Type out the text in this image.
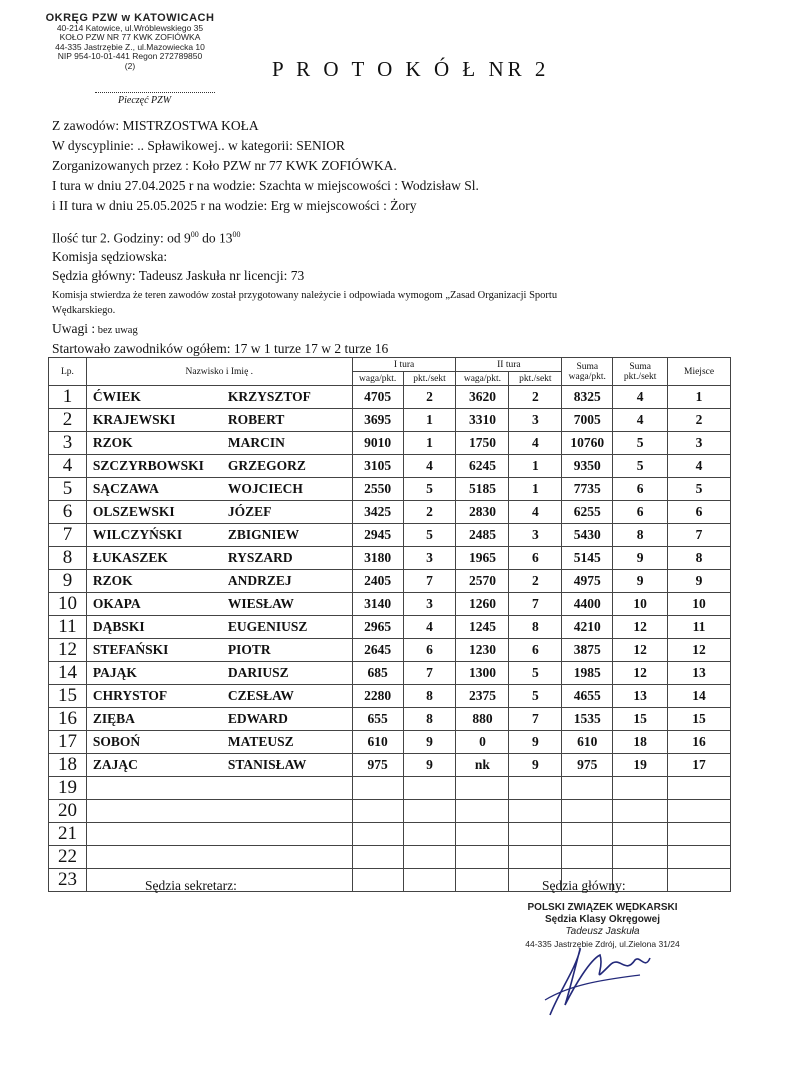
OKRĘG PZW w KATOWICACH
40-214 Katowice, ul.Wróblewskiego 35
KOŁO PZW NR 77 KWK ZOFIÓWKA
44-335 Jastrzębie Z., ul.Mazowiecka 10
NIP 954-10-01-441 Regon 272789850
(2)
Pieczęć PZW
P R O T O K Ó Ł NR 2
Z zawodów: MISTRZOSTWA KOŁA
W dyscyplinie: .. Spławikowej.. w kategorii: SENIOR
Zorganizowanych przez : Koło PZW nr 77 KWK ZOFIÓWKA.
I tura w dniu 27.04.2025 r na wodzie: Szachta w miejscowości : Wodzisław Sl.
i II tura w dniu 25.05.2025 r na wodzie: Erg w miejscowości : Żory
Ilość tur 2. Godziny: od $9^{00}$ do $13^{00}$
Komisja sędziowska:
Sędzia główny: Tadeusz Jaskuła nr licencji: 73
Komisja stwierdza że teren zawodów został przygotowany należycie i odpowiada wymogom „Zasad Organizacji Sportu
Wędkarskiego.
Uwagi : bez uwag
Startowało zawodników ogółem: 17 w 1 turze 17 w 2 turze 16
Lp.	Nazwisko i Imię .	I tura		II tura		Suma waga/pkt.	Suma pkt./sekt	Miejsce
		waga/pkt.	pkt./sekt	waga/pkt.	pkt./sekt			
1	ĆWIEK KRZYSZTOF	4705	2	3620	2	8325	4	1
2	KRAJEWSKI ROBERT	3695	1	3310	3	7005	4	2
3	RZOK MARCIN	9010	1	1750	4	10760	5	3
4	SZCZYRBOWSKI GRZEGORZ	3105	4	6245	1	9350	5	4
5	SĄCZAWA WOJCIECH	2550	5	5185	1	7735	6	5
6	OLSZEWSKI JÓZEF	3425	2	2830	4	6255	6	6
7	WILCZYŃSKI ZBIGNIEW	2945	5	2485	3	5430	8	7
8	ŁUKASZEK RYSZARD	3180	3	1965	6	5145	9	8
9	RZOK ANDRZEJ	2405	7	2570	2	4975	9	9
10	OKAPA WIESŁAW	3140	3	1260	7	4400	10	10
11	DĄBSKI EUGENIUSZ	2965	4	1245	8	4210	12	11
12	STEFAŃSKI PIOTR	2645	6	1230	6	3875	12	12
14	PAJĄK DARIUSZ	685	7	1300	5	1985	12	13
15	CHRYSTOF CZESŁAW	2280	8	2375	5	4655	13	14
16	ZIĘBA EDWARD	655	8	880	7	1535	15	15
17	SOBOŃ MATEUSZ	610	9	0	9	610	18	16
18	ZAJĄC STANISŁAW	975	9	nk	9	975	19	17
19								
20								
21								
22								
23									Sędzia sekretarz:	Sędzia główny:
POLSKI ZWIĄZEK WĘDKARSKI
Sędzia Klasy Okręgowej
Tadeusz Jaskuła
44-335 Jastrzębie Zdrój, ul.Zielona 31/24
